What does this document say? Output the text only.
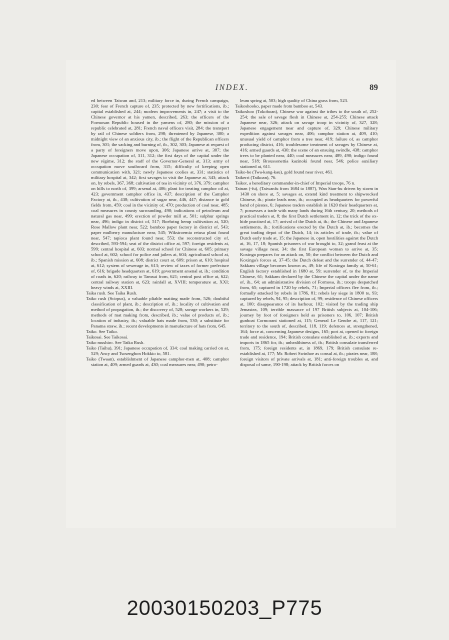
INDEX.	89

ed between Taiwan and, 213; military force in, during French campaign, 230; fear of French capture of, 235; protected by new fortifications, ib.; capital established at, 244; modern improvements in, 247; a visit to the Chinese governor at his yamen, described, 263; the officers of the Formosan Republic housed in the yamens of, 280; the mission of a republic celebrated at, 281; French naval officers visit, 284; the transport by rail of Chinese soldiers from, 298; threatened by Japanese, 300; a midnight view of an anxious city, ib.; the flight of the Republican officers from, 301; the sacking and burning of, ib., 302, 303; Japanese at request of a party of foreigners move upon, 306; Japanese arrive at, 307; the Japanese occupation of, 311, 312; the first days of the capital under the new régime, 312; the staff of the Governor-General at, 313; army of occupation move southward from, 315; difficulty of keeping open communication with, 321; newly Japanese coolies at, 331; statistics of military hospital at, 342; first savages to visit the Japanese at, 343; attack on, by rebels, 367, 368; cultivation of tea in vicinity of, 376, 379; camphor on hills to north of, 399; arsenal at, 406; plant for treating camphor oil at, 423; government camphor office in, 437; description of the Camphor Factory at, ib., 438; cultivation of sugar near, 446, 447; distance to gold fields from, 459; coal in the vicinity of, 470; production of coal near, 485; coal measures in county surrounding, 490; indications of petroleum and natural gas near, 499; erection of powder mill at, 501; sulphur springs near, 496; indigo in district of, 517; Boehring hemp cultivation at, 520; Rose Mallow plant near, 522; bamboo paper factory in district of, 543; paper mulberry manufacture near, 545; Wikstroemia retusa plant found near, 547; tapioca plant found near, 553; the reconstructed city of, described, 593-594; seat of the district office at, 597; foreign residents at, 599; central hospital at, 603; normal school for Chinese at, 605; primary school at, 602; school for police and jailers at, 604; agricultural school at, ib.; Spanish mission at, 608; district court at, 609; prison at, 610; hospital at, 612; system of sewerage in, 613; review of taxes of former prefecture of, 616; brigade headquarters at, 619; government arsenal at, ib.; condition of roads in, 620; railway to Tamsui from, 621; central post office at, 622; central railway station at, 623; rainfall at, XVIII; temperature at, XXI; heavy winds at, XXIII.

Taika rush. See Taika Rush.

Taiko rush (Scirpus), a valuable pliable matting made from, 526; doubtful classification of plant, ib.; description of, ib.; locality of cultivation and method of propagation, ib.; the discovery of, 528; savage workers in, 529; methods of mat making from, described, ib.; value of products of, ib.; location of industry, ib.; valuable hats made from, 530; a substitute for Panama straw, ib.; recent developments in manufacture of hats from, 645.

Taiko. See Taiko.

Taikosai. See Taikosai.

Taiko mushiro. See Taika Rush.

Taiko (Taihu), 391; Japanese occupation of, 334; coal making carried on at, 529; Ancy and Tsosengbon Hokkio to, 581.

Taiko (Twaan), establishment of Japanese camphor-men at, 408; camphor station at, 409; armed guards at, 430; coal measures near, 490; petro-

leum spring at, 503; high quality of China grass from, 523.

Taikoshooko, paper made from bamboo at, 543.

Taikoshoo (Tokoboan), Chinese war against the tribes to the south of, 252-254; the sale of savage flesh in Chinese at, 254-255; Chinese attack Japanese near, 326; attack on savage troop in vicinity of, 327, 328; Japanese engagement near and capture of, 329; Chinese military expedition against savages near, 406; camphor station at, 409, 410; unusual yield of camphor from a tree near, 419; failure of, as camphor producing district, 416; troublesome treatment of savages by Chinese at, 416; armed guards at, 430; the scene of an ensuing swindle, 438; camphor trees to be planted near, 440; coal measures near, 489, 490; indigo found near, 518; Broussonettia kazinoki found near, 546; police auxiliary stationed at, 611.

Taiko-be (Twa-kang-kau), gold found near river, 461.

Taikerri (Taikoan), 76.

Taikor, a hereditary commander-in-chief of Imperial troops, 76 n.

Tainan (-fu), (Taiwanfu from 1684 to 1887), Wan Sian-hu driven by storm in 1430 on shore at, 5; savages at, extend kind treatment to shipwrecked Chinese, ib.; pirate leads near, ib.; occupied as headquarters for powerful band of pirates, 6; Japanese traders establish in 1620 their headquarters at, 7; possesses a trade with many lands during 16th century, 20; methods of practical traders at, 8; the first Dutch settlement in, 12; the trick of the ox-hide practised at, 17; arrival of the Dutch at, ib.; the Chinese and Japanese settlements, ib.; fortifications erected by the Dutch at, ib.; becomes the great trading depot of the Dutch, 14; its articles of trade, ib.; value of Dutch early trade at, 15; the Japanese in, open hostilities against the Dutch at, 16, 17, 18; Spanish prisoners of war brought to, 32; grand feast at the savage village near, 34; the first European woman to arrive at, 35; Koxinga prepares for an attack on, 50; the conflict between the Dutch and Koxinga's forces at, 37-45; the Dutch defeat and the surrender of, 44-47; Sakkam village becomes known as, 49; life of Koxinga family at, 50-61; English factory established in 1680 at, 59; surrender of, to the Imperial Chinese, 61; Sakkam declared by the Chinese the capital under the name of, ib., 64; an administrative division of Formosa, ib.; troops despatched from, 65; captured in 1720 by rebels, 71; Imperial officers flee from, ib.; formally attacked by rebels in 1786, 81; rebels lay siege in 1800 to, 93; captured by rebels, 94, 95; description of, 99; residence of Chinese officers at, 100; disappearance of its harbour, 102; visited by the trading ship Jemastea, 109; terrible massacre of 197 British subjects at, 104-106; journey by foot of foreigners held as prisoners to, 106, 107; British gunboat Cormorant stationed at, 115; General Le Gendre at, 117, 121; territory to the south of, described, 118, 119; defences at, strengthened, 164; force at, concerning Japanese designs, 165; port at, opened to foreign trade and residence, 194; British consulate established at, ib.; exports and imports in 1865 for, ib.; unhealthiness of, ib.; British consulate transferred from, 175; foreign residents at, in 1869, 179; British consulate re-established at, 177; Mr. Robert Swinhoe as consul at, ib.; pirates near, 188; foreign visitors of private arrivals at, 181; anti-foreign troubles at, and disposal of same, 190-198; attack by British forces on

20030150203_P775
